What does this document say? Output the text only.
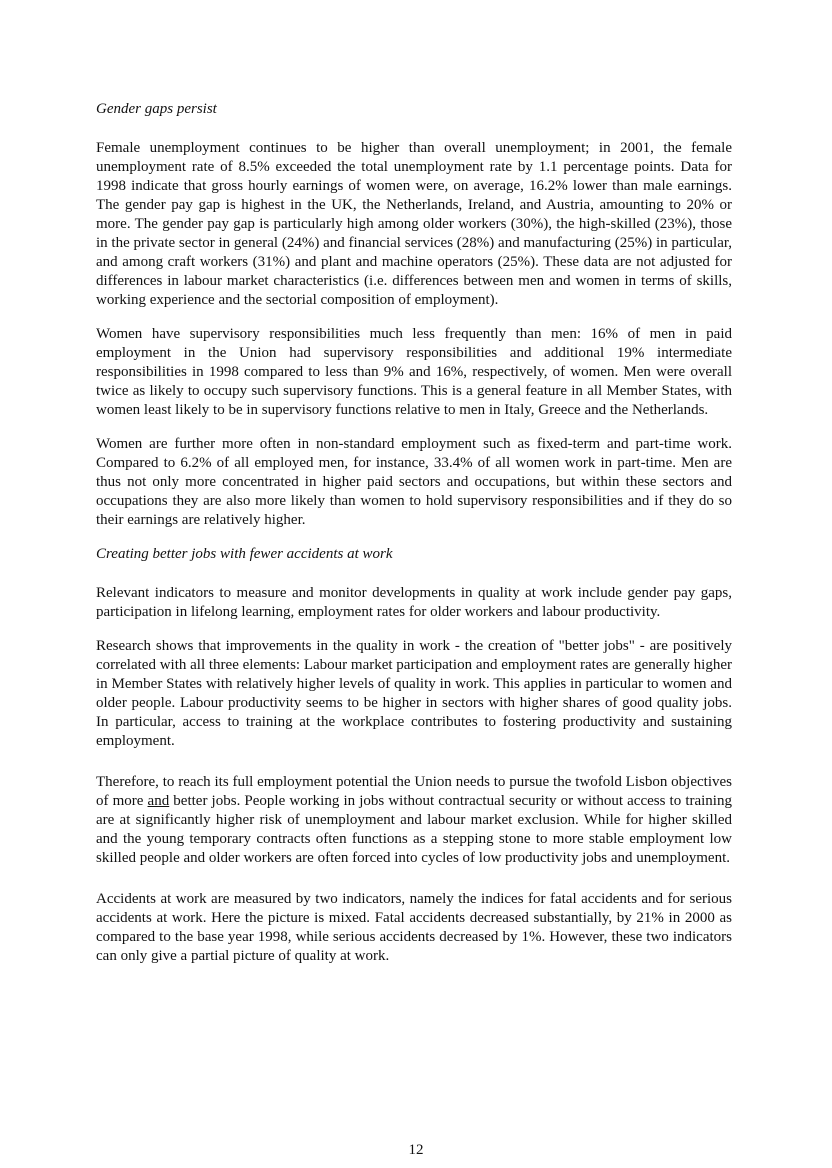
Gender gaps persist

Female unemployment continues to be higher than overall unemployment; in 2001, the female unemployment rate of 8.5% exceeded the total unemployment rate by 1.1 percentage points. Data for 1998 indicate that gross hourly earnings of women were, on average, 16.2% lower than male earnings. The gender pay gap is highest in the UK, the Netherlands, Ireland, and Austria, amounting to 20% or more. The gender pay gap is particularly high among older workers (30%), the high-skilled (23%), those in the private sector in general (24%) and financial services (28%) and manufacturing (25%) in particular, and among craft workers (31%) and plant and machine operators (25%). These data are not adjusted for differences in labour market characteristics (i.e. differences between men and women in terms of skills, working experience and the sectorial composition of employment).

Women have supervisory responsibilities much less frequently than men: 16% of men in paid employment in the Union had supervisory responsibilities and additional 19% intermediate responsibilities in 1998 compared to less than 9% and 16%, respectively, of women. Men were overall twice as likely to occupy such supervisory functions. This is a general feature in all Member States, with women least likely to be in supervisory functions relative to men in Italy, Greece and the Netherlands.

Women are further more often in non-standard employment such as fixed-term and part-time work. Compared to 6.2% of all employed men, for instance, 33.4% of all women work in part-time. Men are thus not only more concentrated in higher paid sectors and occupations, but within these sectors and occupations they are also more likely than women to hold supervisory responsibilities and if they do so their earnings are relatively higher.

Creating better jobs with fewer accidents at work

Relevant indicators to measure and monitor developments in quality at work include gender pay gaps, participation in lifelong learning, employment rates for older workers and labour productivity.

Research shows that improvements in the quality in work - the creation of "better jobs" - are positively correlated with all three elements: Labour market participation and employment rates are generally higher in Member States with relatively higher levels of quality in work. This applies in particular to women and older people. Labour productivity seems to be higher in sectors with higher shares of good quality jobs. In particular, access to training at the workplace contributes to fostering productivity and sustaining employment.

Therefore, to reach its full employment potential the Union needs to pursue the twofold Lisbon objectives of more and better jobs. People working in jobs without contractual security or without access to training are at significantly higher risk of unemployment and labour market exclusion. While for higher skilled and the young temporary contracts often functions as a stepping stone to more stable employment low skilled people and older workers are often forced into cycles of low productivity jobs and unemployment.

Accidents at work are measured by two indicators, namely the indices for fatal accidents and for serious accidents at work. Here the picture is mixed. Fatal accidents decreased substantially, by 21% in 2000 as compared to the base year 1998, while serious accidents decreased by 1%. However, these two indicators can only give a partial picture of quality at work.

12
